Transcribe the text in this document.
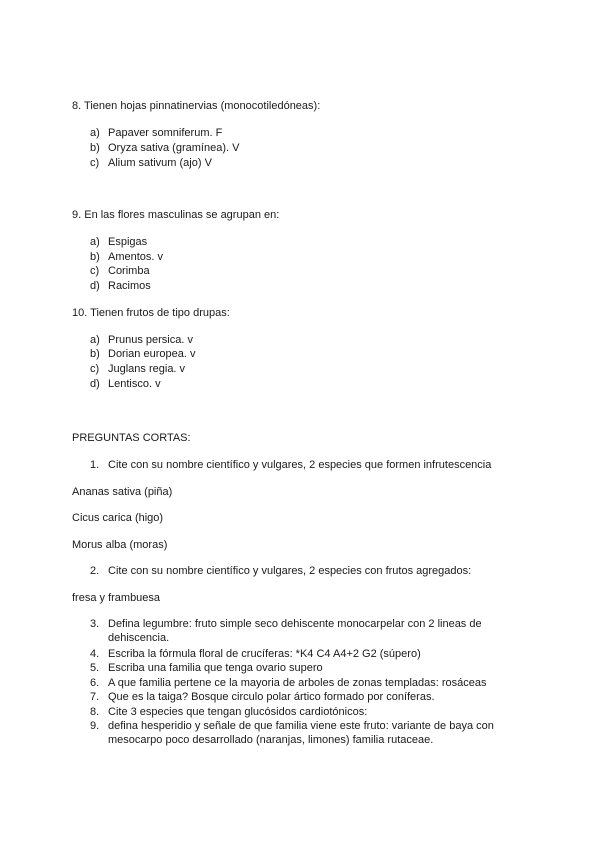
8. Tienen hojas pinnatinervias (monocotiledóneas):
a) Papaver somniferum. F
b) Oryza sativa (gramínea). V
c) Alium sativum (ajo) V
9. En las flores masculinas se agrupan en:
a) Espigas
b) Amentos. v
c) Corimba
d) Racimos
10. Tienen frutos de tipo drupas:
a) Prunus persica. v
b) Dorian europea. v
c) Juglans regia. v
d) Lentisco. v
PREGUNTAS CORTAS:
1. Cite con su nombre científico y vulgares, 2 especies que formen infrutescencia
Ananas sativa (piña)
Cicus carica (higo)
Morus alba (moras)
2. Cite con su nombre científico y vulgares, 2 especies con frutos agregados:
fresa y frambuesa
3. Defina legumbre: fruto simple seco dehiscente monocarpelar con 2 lineas de dehiscencia.
4. Escriba la fórmula floral de crucíferas: *K4 C4 A4+2 G2 (súpero)
5. Escriba una familia que tenga ovario supero
6. A que familia pertene ce la mayoria de arboles de zonas templadas: rosáceas
7. Que es la taiga? Bosque circulo polar ártico formado por coníferas.
8. Cite 3 especies que tengan glucósidos cardiotónicos:
9. defina hesperidio y señale de que familia viene este fruto: variante de baya con mesocarpo poco desarrollado (naranjas, limones) familia rutaceae.
